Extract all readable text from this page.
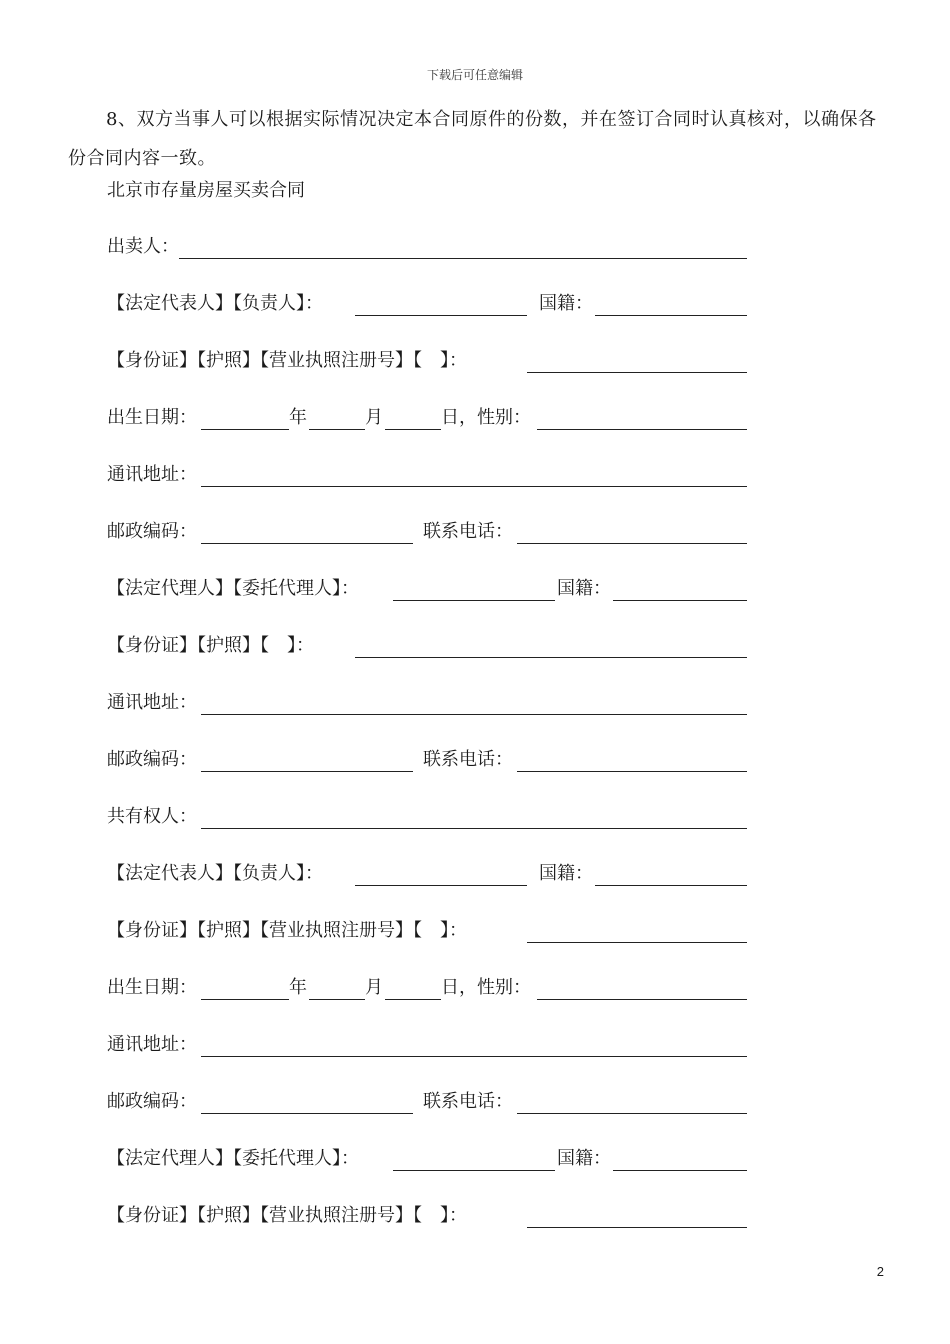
下载后可任意编辑

8、双方当事人可以根据实际情况决定本合同原件的份数，并在签订合同时认真核对，以确保各份合同内容一致。

北京市存量房屋买卖合同
出卖人：
【法定代表人】【负责人】：	国籍：
【身份证】【护照】【营业执照注册号】【　】：
出生日期：	年	月	日，性别：
通讯地址：
邮政编码：	联系电话：
【法定代理人】【委托代理人】：	国籍：
【身份证】【护照】【　】：
通讯地址：
邮政编码：	联系电话：
共有权人：
【法定代表人】【负责人】：	国籍：
【身份证】【护照】【营业执照注册号】【　】：
出生日期：	年	月	日，性别：
通讯地址：
邮政编码：	联系电话：
【法定代理人】【委托代理人】：	国籍：
【身份证】【护照】【营业执照注册号】【　】：
2
